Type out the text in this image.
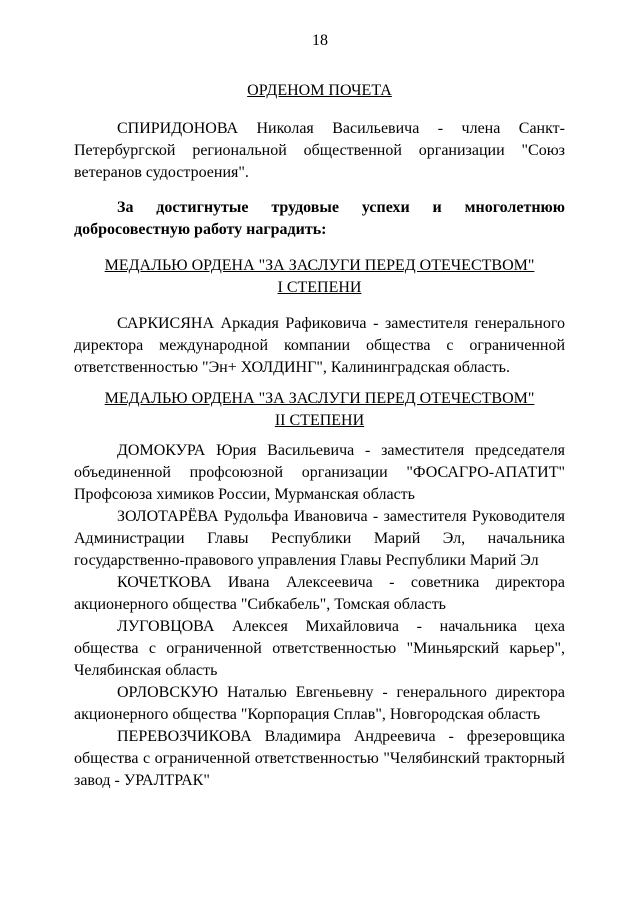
18
ОРДЕНОМ ПОЧЕТА

СПИРИДОНОВА Николая Васильевича - члена Санкт-Петербургской региональной общественной организации "Союз ветеранов судостроения".

За достигнутые трудовые успехи и многолетнюю добросовестную работу наградить:

МЕДАЛЬЮ ОРДЕНА "ЗА ЗАСЛУГИ ПЕРЕД ОТЕЧЕСТВОМ"
I СТЕПЕНИ

САРКИСЯНА Аркадия Рафиковича - заместителя генерального директора международной компании общества с ограниченной ответственностью "Эн+ ХОЛДИНГ", Калининградская область.

МЕДАЛЬЮ ОРДЕНА "ЗА ЗАСЛУГИ ПЕРЕД ОТЕЧЕСТВОМ"
II СТЕПЕНИ

ДОМОКУРА Юрия Васильевича - заместителя председателя объединенной профсоюзной организации "ФОСАГРО-АПАТИТ" Профсоюза химиков России, Мурманская область

ЗОЛОТАРЁВА Рудольфа Ивановича - заместителя Руководителя Администрации Главы Республики Марий Эл, начальника государственно-правового управления Главы Республики Марий Эл

КОЧЕТКОВА Ивана Алексеевича - советника директора акционерного общества "Сибкабель", Томская область

ЛУГОВЦОВА Алексея Михайловича - начальника цеха общества с ограниченной ответственностью "Миньярский карьер", Челябинская область

ОРЛОВСКУЮ Наталью Евгеньевну - генерального директора акционерного общества "Корпорация Сплав", Новгородская область

ПЕРЕВОЗЧИКОВА Владимира Андреевича - фрезеровщика общества с ограниченной ответственностью "Челябинский тракторный завод - УРАЛТРАК"
